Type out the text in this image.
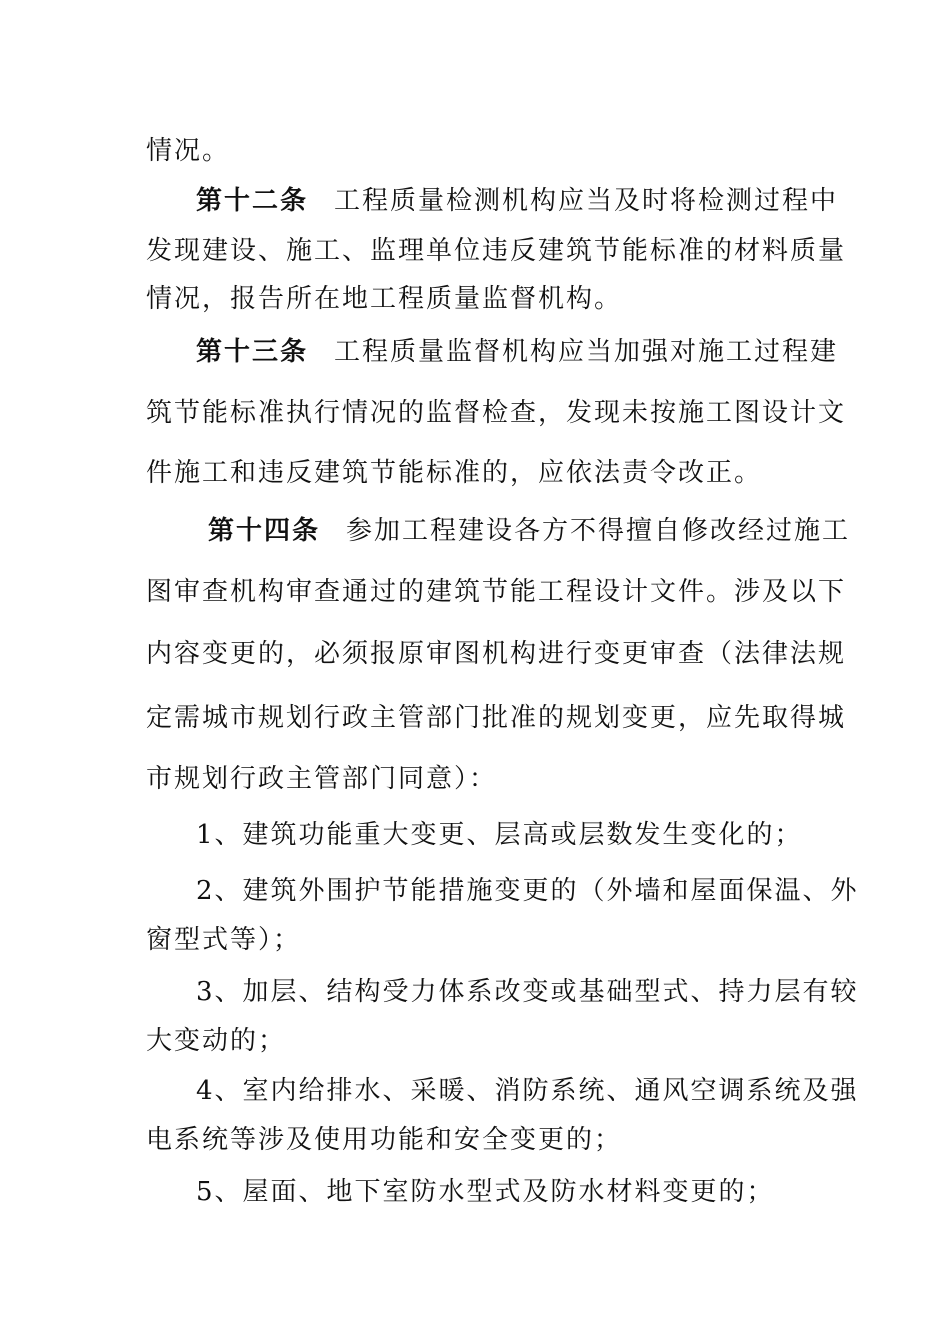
情况。
第十二条 工程质量检测机构应当及时将检测过程中
发现建设、施工、监理单位违反建筑节能标准的材料质量
情况，报告所在地工程质量监督机构。
第十三条 工程质量监督机构应当加强对施工过程建
筑节能标准执行情况的监督检查，发现未按施工图设计文
件施工和违反建筑节能标准的，应依法责令改正。
第十四条 参加工程建设各方不得擅自修改经过施工
图审查机构审查通过的建筑节能工程设计文件。涉及以下
内容变更的，必须报原审图机构进行变更审查（法律法规
定需城市规划行政主管部门批准的规划变更，应先取得城
市规划行政主管部门同意）：
1、建筑功能重大变更、层高或层数发生变化的；
2、建筑外围护节能措施变更的（外墙和屋面保温、外
窗型式等）；
3、加层、结构受力体系改变或基础型式、持力层有较
大变动的；
4、室内给排水、采暖、消防系统、通风空调系统及强
电系统等涉及使用功能和安全变更的；
5、屋面、地下室防水型式及防水材料变更的；
